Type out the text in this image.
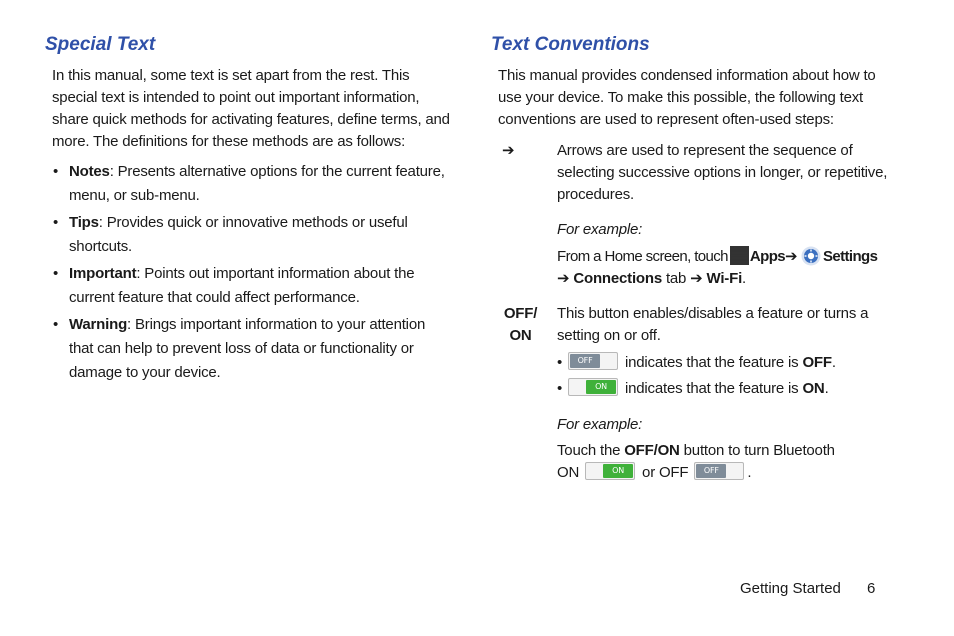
Special Text

In this manual, some text is set apart from the rest. This special text is intended to point out important information, share quick methods for activating features, define terms, and more. The definitions for these methods are as follows:

• Notes: Presents alternative options for the current feature, menu, or sub-menu.
• Tips: Provides quick or innovative methods or useful shortcuts.
• Important: Points out important information about the current feature that could affect performance.
• Warning: Brings important information to your attention that can help to prevent loss of data or functionality or damage to your device.
Text Conventions

This manual provides condensed information about how to use your device. To make this possible, the following text conventions are used to represent often-used steps:

➔	Arrows are used to represent the sequence of selecting successive options in longer, or repetitive, procedures.
For example:
From a Home screen, touch Apps➔ Settings
➔ Connections tab ➔ Wi-Fi.
OFF/
ON
This button enables/disables a feature or turns a setting on or off.
•	OFF	indicates that the feature is OFF.
•	ON	indicates that the feature is ON.
For example:
Touch the OFF/ON button to turn Bluetooth
ON	ON or OFF	OFF	.
Getting Started 6
